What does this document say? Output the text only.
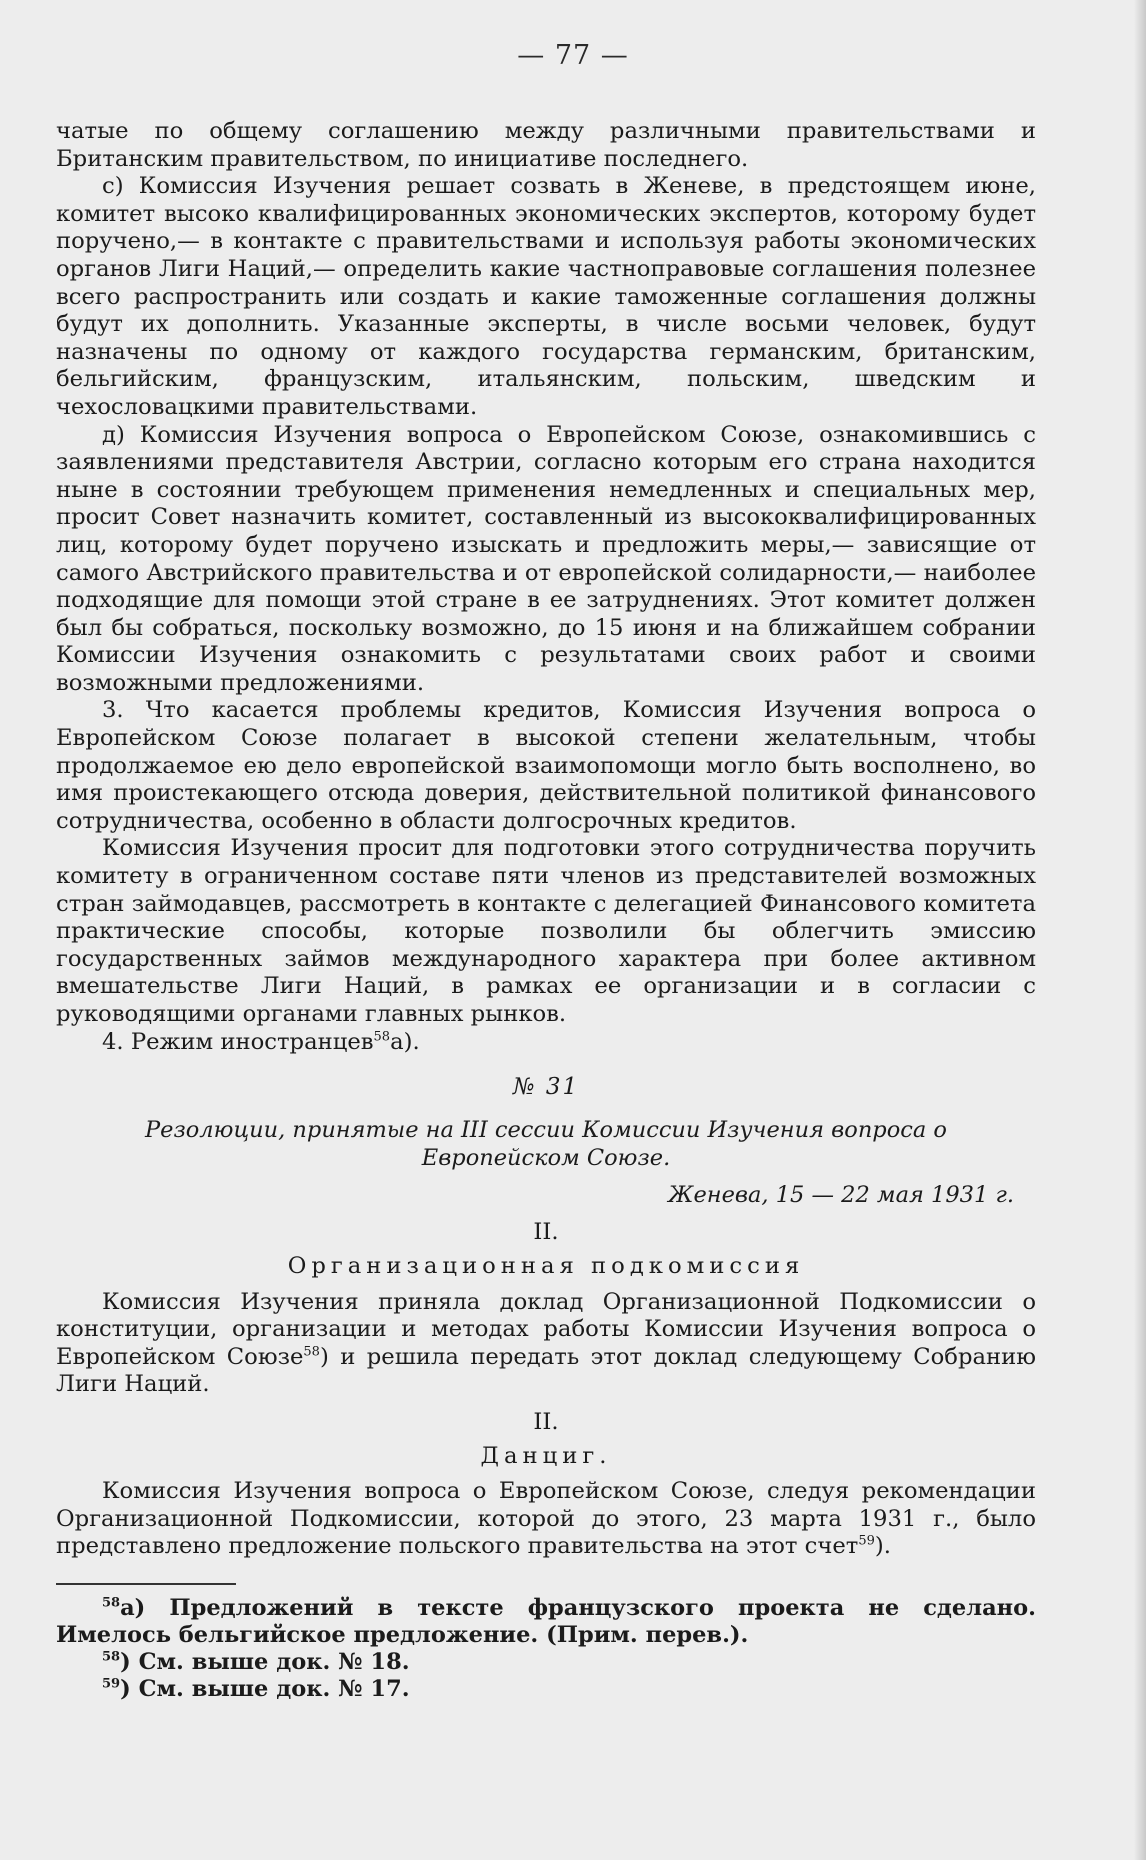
— 77 —

чатые по общему соглашению между различными правительствами и Британским правительством, по инициативе последнего.

с) Комиссия Изучения решает созвать в Женеве, в предстоящем июне, комитет высоко квалифицированных экономических экспертов, которому будет поручено,— в контакте с правительствами и используя работы экономических органов Лиги Наций,— определить какие частноправовые соглашения полезнее всего распространить или создать и какие таможенные соглашения должны будут их дополнить. Указанные эксперты, в числе восьми человек, будут назначены по одному от каждого государства германским, британским, бельгийским, французским, итальянским, польским, шведским и чехословацкими правительствами.

д) Комиссия Изучения вопроса о Европейском Союзе, ознакомившись с заявлениями представителя Австрии, согласно которым его страна находится ныне в состоянии требующем применения немедленных и специальных мер, просит Совет назначить комитет, составленный из высококвалифицированных лиц, которому будет поручено изыскать и предложить меры,— зависящие от самого Австрийского правительства и от европейской солидарности,— наиболее подходящие для помощи этой стране в ее затруднениях. Этот комитет должен был бы собраться, поскольку возможно, до 15 июня и на ближайшем собрании Комиссии Изучения ознакомить с результатами своих работ и своими возможными предложениями.

3. Что касается проблемы кредитов, Комиссия Изучения вопроса о Европейском Союзе полагает в высокой степени желательным, чтобы продолжаемое ею дело европейской взаимопомощи могло быть восполнено, во имя проистекающего отсюда доверия, действительной политикой финансового сотрудничества, особенно в области долгосрочных кредитов.

Комиссия Изучения просит для подготовки этого сотрудничества поручить комитету в ограниченном составе пяти членов из представителей возможных стран займодавцев, рассмотреть в контакте с делегацией Финансового комитета практические способы, которые позволили бы облегчить эмиссию государственных займов международного характера при более активном вмешательстве Лиги Наций, в рамках ее организации и в согласии с руководящими органами главных рынков.

4. Режим иностранцев$^{58}$а).

№ 31

Резолюции, принятые на III сессии Комиссии Изучения вопроса о Европейском Союзе.

Женева, 15 — 22 мая 1931 г.

II.

Организационная подкомиссия

Комиссия Изучения приняла доклад Организационной Подкомиссии о конституции, организации и методах работы Комиссии Изучения вопроса о Европейском Союзе$^{58}$) и решила передать этот доклад следующему Собранию Лиги Наций.

II.

Данциг.

Комиссия Изучения вопроса о Европейском Союзе, следуя рекомендации Организационной Подкомиссии, которой до этого, 23 марта 1931 г., было представлено предложение польского правительства на этот счет$^{59}$).

$^{58}$а) Предложений в тексте французского проекта не сделано. Имелось бельгийское предложение. (Прим. перев.).

$^{58}$) См. выше док. № 18.

$^{59}$) См. выше док. № 17.
